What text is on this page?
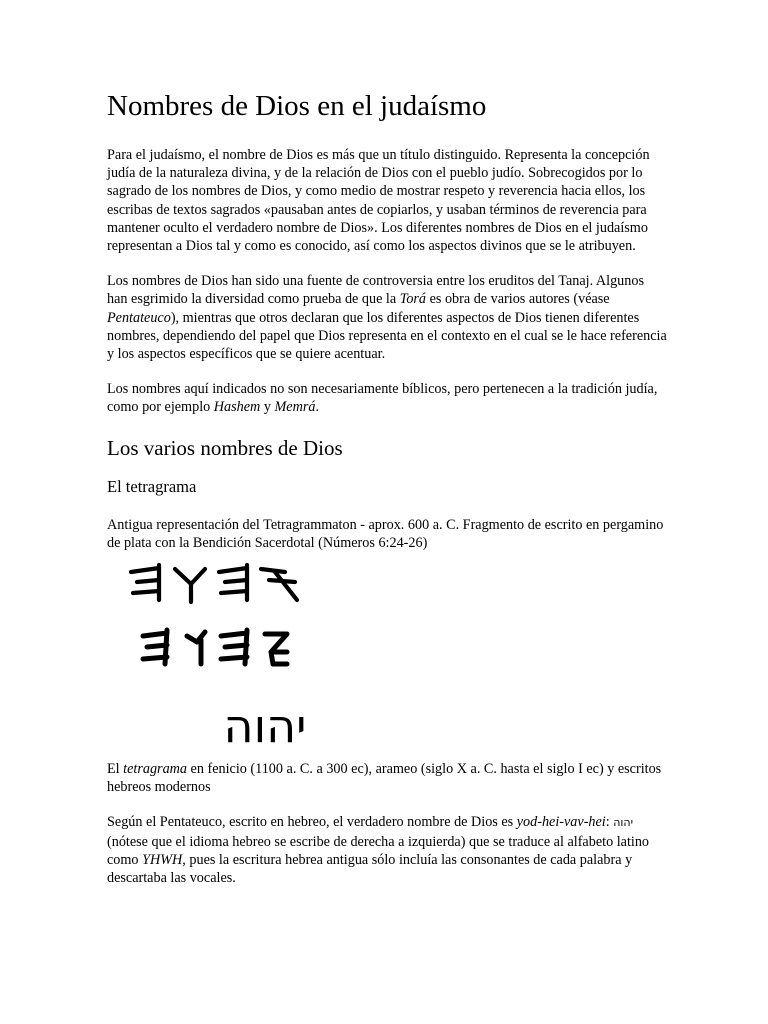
Nombres de Dios en el judaísmo

Para el judaísmo, el nombre de Dios es más que un título distinguido. Representa la concepción judía de la naturaleza divina, y de la relación de Dios con el pueblo judío. Sobrecogidos por lo sagrado de los nombres de Dios, y como medio de mostrar respeto y reverencia hacia ellos, los escribas de textos sagrados «pausaban antes de copiarlos, y usaban términos de reverencia para mantener oculto el verdadero nombre de Dios». Los diferentes nombres de Dios en el judaísmo representan a Dios tal y como es conocido, así como los aspectos divinos que se le atribuyen.

Los nombres de Dios han sido una fuente de controversia entre los eruditos del Tanaj. Algunos han esgrimido la diversidad como prueba de que la Torá es obra de varios autores (véase Pentateuco), mientras que otros declaran que los diferentes aspectos de Dios tienen diferentes nombres, dependiendo del papel que Dios representa en el contexto en el cual se le hace referencia y los aspectos específicos que se quiere acentuar.

Los nombres aquí indicados no son necesariamente bíblicos, pero pertenecen a la tradición judía, como por ejemplo Hashem y Memrá.

Los varios nombres de Dios
El tetragrama

Antigua representación del Tetragrammaton - aprox. 600 a. C. Fragmento de escrito en pergamino de plata con la Bendición Sacerdotal (Números 6:24-26)

יהוה

El tetragrama en fenicio (1100 a. C. a 300 ec), arameo (siglo X a. C. hasta el siglo I ec) y escritos hebreos modernos

Según el Pentateuco, escrito en hebreo, el verdadero nombre de Dios es yod-hei-vav-hei: יהוה (nótese que el idioma hebreo se escribe de derecha a izquierda) que se traduce al alfabeto latino como YHWH, pues la escritura hebrea antigua sólo incluía las consonantes de cada palabra y descartaba las vocales.
